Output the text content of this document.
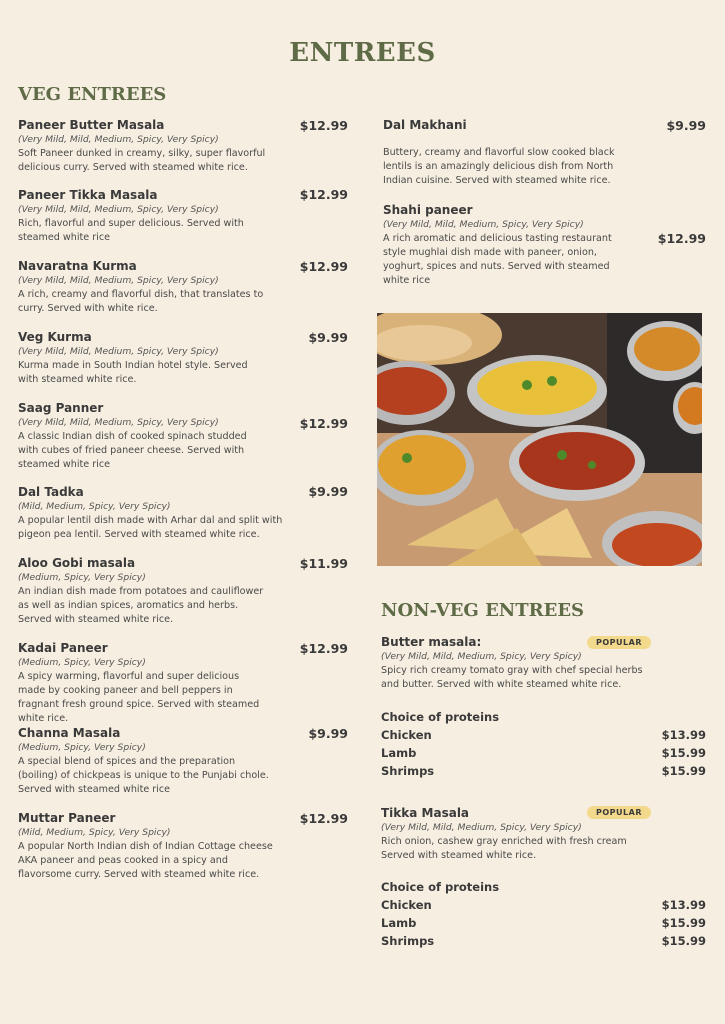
ENTREES
VEG ENTREES
Paneer Butter Masala
(Very Mild, Mild, Medium, Spicy, Very Spicy)
Soft Paneer dunked in creamy, silky, super flavorful delicious curry. Served with steamed white rice.
$12.99
Paneer Tikka Masala
(Very Mild, Mild, Medium, Spicy, Very Spicy)
Rich, flavorful and super delicious. Served with steamed white rice
$12.99
Navaratna Kurma
(Very Mild, Mild, Medium, Spicy, Very Spicy)
A rich, creamy and flavorful dish, that translates to curry. Served with white rice.
$12.99
Veg Kurma
(Very Mild, Mild, Medium, Spicy, Very Spicy)
Kurma made in South Indian hotel style. Served with steamed white rice.
$9.99
Saag Panner
(Very Mild, Mild, Medium, Spicy, Very Spicy)
A classic Indian dish of cooked spinach studded with cubes of fried paneer cheese. Served with steamed white rice
$12.99
Dal Tadka
(Mild, Medium, Spicy, Very Spicy)
A popular lentil dish made with Arhar dal and split with pigeon pea lentil. Served with steamed white rice.
$9.99
Aloo Gobi masala
(Medium, Spicy, Very Spicy)
An indian dish made from potatoes and cauliflower as well as indian spices, aromatics and herbs. Served with steamed white rice.
$11.99
Kadai Paneer
(Medium, Spicy, Very Spicy)
A spicy warming, flavorful and super delicious made by cooking paneer and bell peppers in fragnant fresh ground spice. Served with steamed white rice.
$12.99
Channa Masala
(Medium, Spicy, Very Spicy)
A special blend of spices and the preparation (boiling) of chickpeas is unique to the Punjabi chole. Served with steamed white rice
$9.99
Muttar Paneer
(Mild, Medium, Spicy, Very Spicy)
A popular North Indian dish of Indian Cottage cheese AKA paneer and peas cooked in a spicy and flavorsome curry. Served with steamed white rice.
$12.99
Dal Makhani
Buttery, creamy and flavorful slow cooked black lentils is an amazingly delicious dish from North Indian cuisine. Served with steamed white rice.
$9.99
Shahi paneer
(Very Mild, Mild, Medium, Spicy, Very Spicy)
A rich aromatic and delicious tasting restaurant style mughlai dish made with paneer, onion, yoghurt, spices and nuts. Served with steamed white rice
$12.99
NON-VEG ENTREES
Butter masala:
(Very Mild, Mild, Medium, Spicy, Very Spicy)
Spicy rich creamy tomato gray with chef special herbs and butter. Served with white steamed white rice.
POPULAR
Choice of proteins
Chicken	$13.99
Lamb	$15.99
Shrimps	$15.99
Tikka Masala
(Very Mild, Mild, Medium, Spicy, Very Spicy)
Rich onion, cashew gray enriched with fresh cream Served with steamed white rice.
POPULAR
Choice of proteins
Chicken	$13.99
Lamb	$15.99
Shrimps	$15.99
